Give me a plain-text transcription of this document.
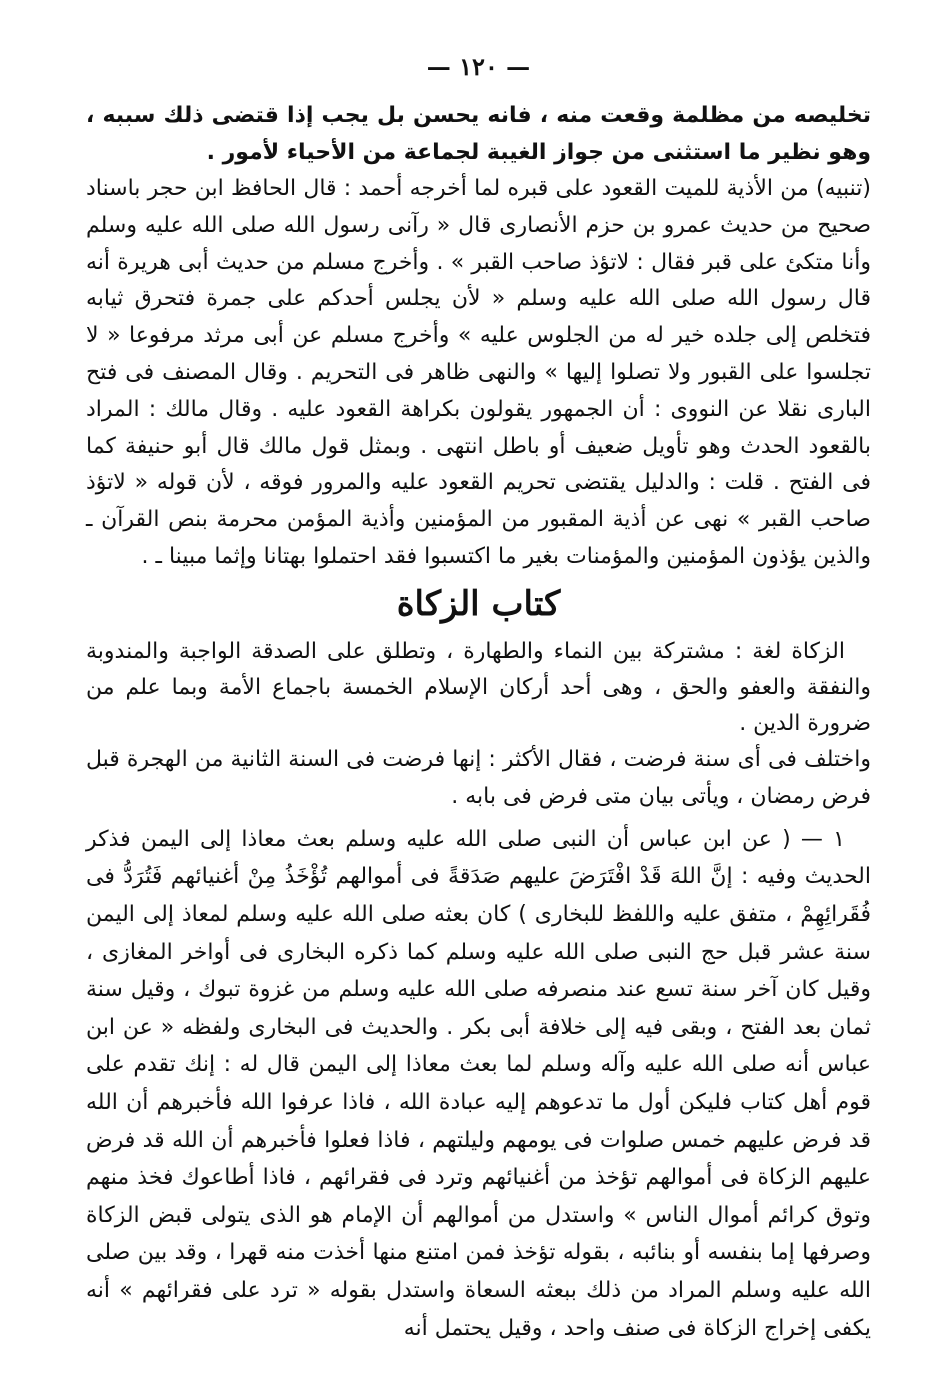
— ١٢٠ —

تخليصه من مظلمة وقعت منه ، فانه يحسن بل يجب إذا قتضى ذلك سببه ، وهو نظير ما استثنى من جواز الغيبة لجماعة من الأحياء لأمور .

(تنبيه) من الأذية للميت القعود على قبره لما أخرجه أحمد : قال الحافظ ابن حجر باسناد صحيح من حديث عمرو بن حزم الأنصارى قال « رآنى رسول الله صلى الله عليه وسلم وأنا متكئ على قبر فقال : لاتؤذ صاحب القبر » . وأخرج مسلم من حديث أبى هريرة أنه قال رسول الله صلى الله عليه وسلم « لأن يجلس أحدكم على جمرة فتحرق ثيابه فتخلص إلى جلده خير له من الجلوس عليه » وأخرج مسلم عن أبى مرثد مرفوعا « لا تجلسوا على القبور ولا تصلوا إليها » والنهى ظاهر فى التحريم . وقال المصنف فى فتح البارى نقلا عن النووى : أن الجمهور يقولون بكراهة القعود عليه . وقال مالك : المراد بالقعود الحدث وهو تأويل ضعيف أو باطل انتهى . وبمثل قول مالك قال أبو حنيفة كما فى الفتح . قلت : والدليل يقتضى تحريم القعود عليه والمرور فوقه ، لأن قوله « لاتؤذ صاحب القبر » نهى عن أذية المقبور من المؤمنين وأذية المؤمن محرمة بنص القرآن ـ والذين يؤذون المؤمنين والمؤمنات بغير ما اكتسبوا فقد احتملوا بهتانا وإثما مبينا ـ .

كتاب الزكاة

الزكاة لغة : مشتركة بين النماء والطهارة ، وتطلق على الصدقة الواجبة والمندوبة والنفقة والعفو والحق ، وهى أحد أركان الإسلام الخمسة باجماع الأمة وبما علم من ضرورة الدين .

واختلف فى أى سنة فرضت ، فقال الأكثر : إنها فرضت فى السنة الثانية من الهجرة قبل فرض رمضان ، ويأتى بيان متى فرض فى بابه .

١ — ( عن ابن عباس أن النبى صلى الله عليه وسلم بعث معاذا إلى اليمن فذكر الحديث وفيه : إنَّ اللهَ قَدْ افْتَرَضَ عليهم صَدَقةً فى أموالهم تُؤْخَذُ مِنْ أغنيائهم فَتُرَدُّ فى فُقَرائِهِمْ ، متفق عليه واللفظ للبخارى ) كان بعثه صلى الله عليه وسلم لمعاذ إلى اليمن سنة عشر قبل حج النبى صلى الله عليه وسلم كما ذكره البخارى فى أواخر المغازى ، وقيل كان آخر سنة تسع عند منصرفه صلى الله عليه وسلم من غزوة تبوك ، وقيل سنة ثمان بعد الفتح ، وبقى فيه إلى خلافة أبى بكر . والحديث فى البخارى ولفظه « عن ابن عباس أنه صلى الله عليه وآله وسلم لما بعث معاذا إلى اليمن قال له : إنك تقدم على قوم أهل كتاب فليكن أول ما تدعوهم إليه عبادة الله ، فاذا عرفوا الله فأخبرهم أن الله قد فرض عليهم خمس صلوات فى يومهم وليلتهم ، فاذا فعلوا فأخبرهم أن الله قد فرض عليهم الزكاة فى أموالهم تؤخذ من أغنيائهم وترد فى فقرائهم ، فاذا أطاعوك فخذ منهم وتوق كرائم أموال الناس » واستدل من أموالهم أن الإمام هو الذى يتولى قبض الزكاة وصرفها إما بنفسه أو بنائبه ، بقوله تؤخذ فمن امتنع منها أخذت منه قهرا ، وقد بين صلى الله عليه وسلم المراد من ذلك ببعثه السعاة واستدل بقوله « ترد على فقرائهم » أنه يكفى إخراج الزكاة فى صنف واحد ، وقيل يحتمل أنه
